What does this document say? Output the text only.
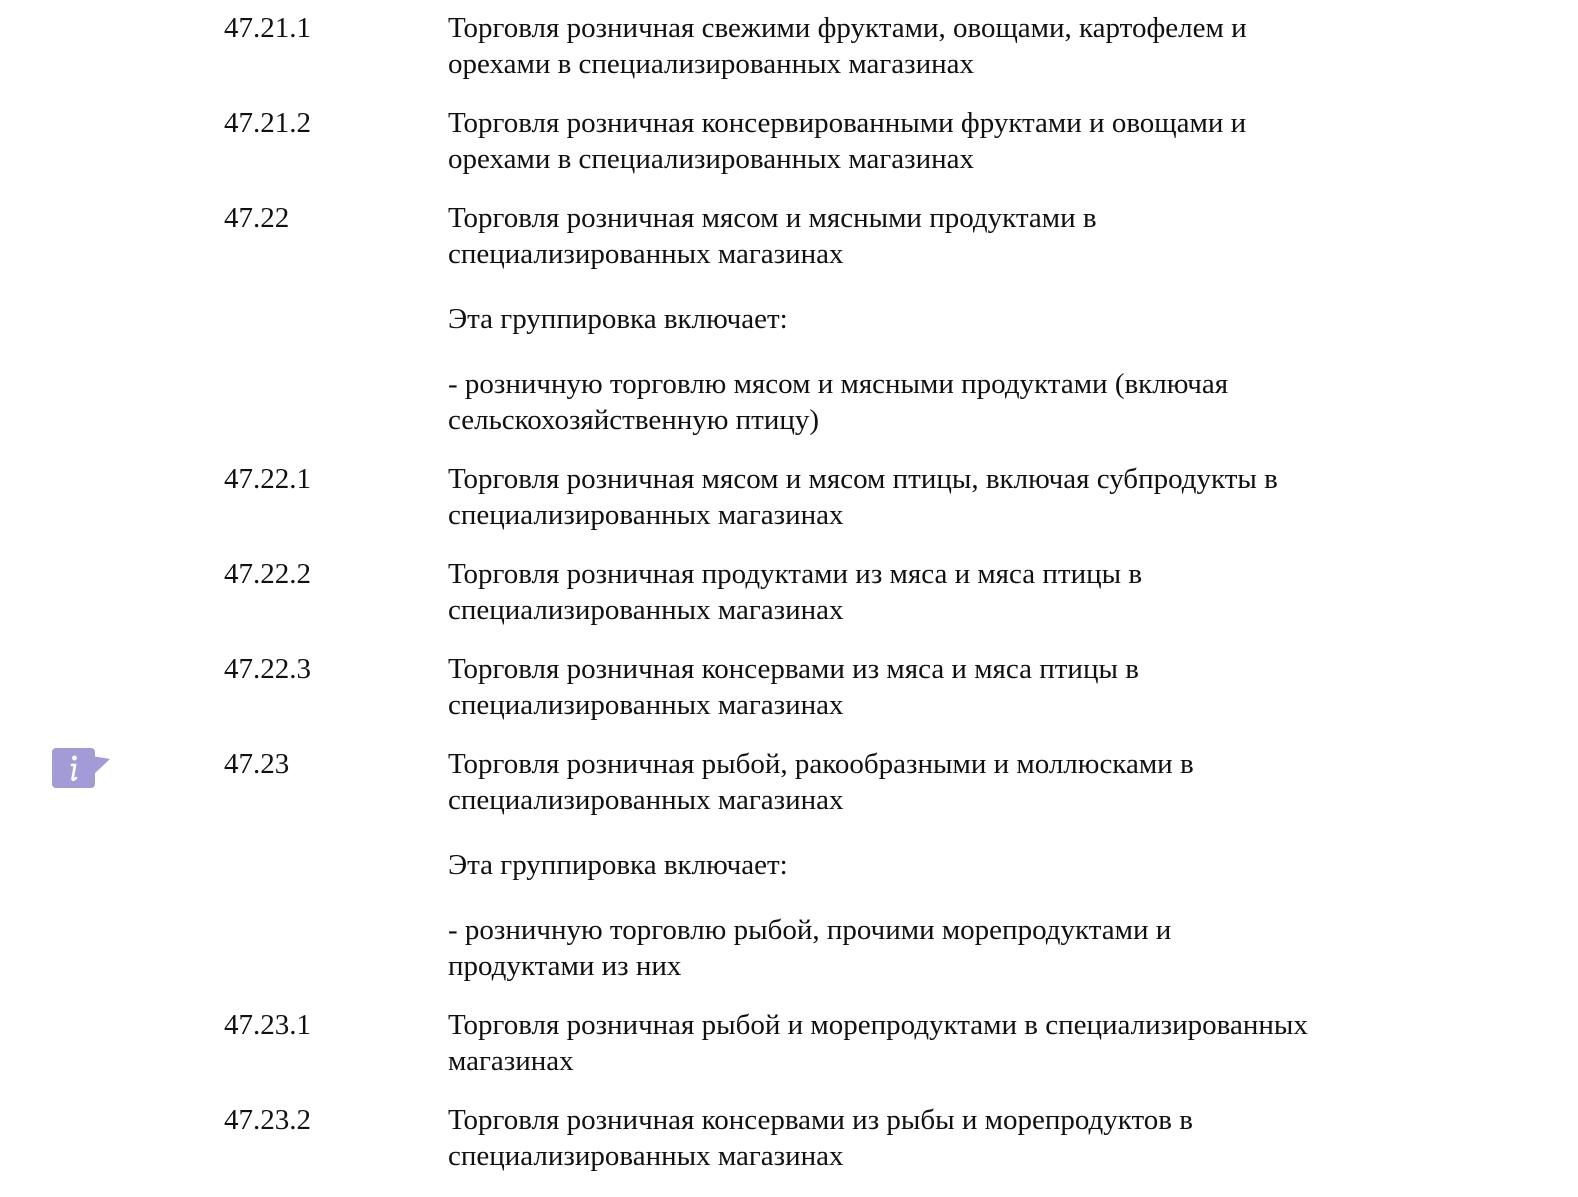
47.21.1	Торговля розничная свежими фруктами, овощами, картофелем и
орехами в специализированных магазинах

47.21.2	Торговля розничная консервированными фруктами и овощами и
орехами в специализированных магазинах

47.22	Торговля розничная мясом и мясными продуктами в
специализированных магазинах

Эта группировка включает:

- розничную торговлю мясом и мясными продуктами (включая
сельскохозяйственную птицу)

47.22.1	Торговля розничная мясом и мясом птицы, включая субпродукты в
специализированных магазинах

47.22.2	Торговля розничная продуктами из мяса и мяса птицы в
специализированных магазинах

47.22.3	Торговля розничная консервами из мяса и мяса птицы в
специализированных магазинах

47.23	Торговля розничная рыбой, ракообразными и моллюсками в
специализированных магазинах

Эта группировка включает:

- розничную торговлю рыбой, прочими морепродуктами и
продуктами из них

47.23.1	Торговля розничная рыбой и морепродуктами в специализированных
магазинах

47.23.2	Торговля розничная консервами из рыбы и морепродуктов в
специализированных магазинах
